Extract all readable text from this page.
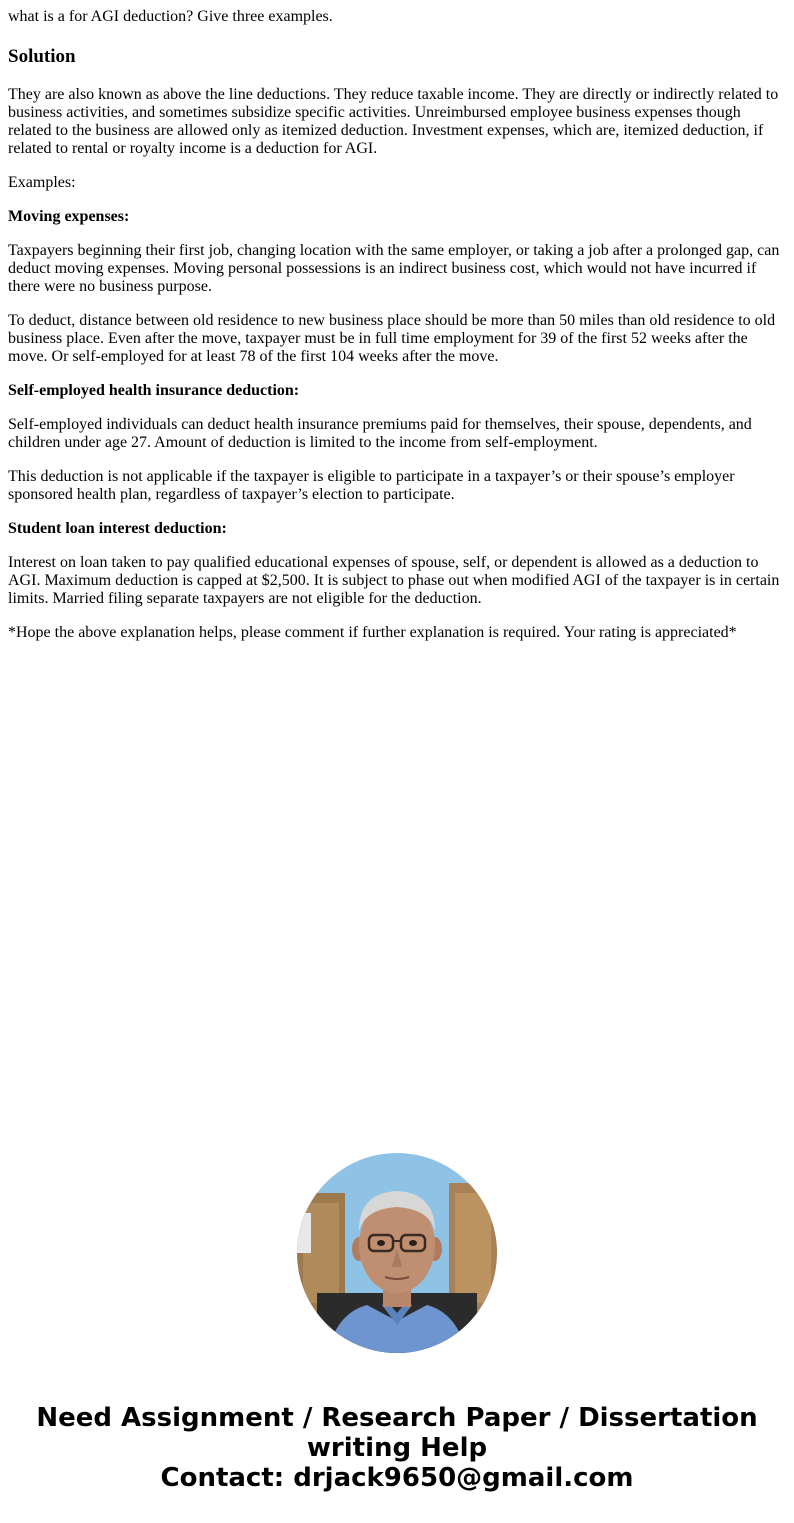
what is a for AGI deduction? Give three examples.
Solution

They are also known as above the line deductions. They reduce taxable income. They are directly or indirectly related to business activities, and sometimes subsidize specific activities. Unreimbursed employee business expenses though related to the business are allowed only as itemized deduction. Investment expenses, which are, itemized deduction, if related to rental or royalty income is a deduction for AGI.

Examples:

Moving expenses:

Taxpayers beginning their first job, changing location with the same employer, or taking a job after a prolonged gap, can deduct moving expenses. Moving personal possessions is an indirect business cost, which would not have incurred if there were no business purpose.

To deduct, distance between old residence to new business place should be more than 50 miles than old residence to old business place. Even after the move, taxpayer must be in full time employment for 39 of the first 52 weeks after the move. Or self-employed for at least 78 of the first 104 weeks after the move.

Self-employed health insurance deduction:

Self-employed individuals can deduct health insurance premiums paid for themselves, their spouse, dependents, and children under age 27. Amount of deduction is limited to the income from self-employment.

This deduction is not applicable if the taxpayer is eligible to participate in a taxpayer’s or their spouse’s employer sponsored health plan, regardless of taxpayer’s election to participate.

Student loan interest deduction:

Interest on loan taken to pay qualified educational expenses of spouse, self, or dependent is allowed as a deduction to AGI. Maximum deduction is capped at $2,500. It is subject to phase out when modified AGI of the taxpayer is in certain limits. Married filing separate taxpayers are not eligible for the deduction.

*Hope the above explanation helps, please comment if further explanation is required. Your rating is appreciated*

Need Assignment / Research Paper / Dissertation
writing Help
Contact: drjack9650@gmail.com
